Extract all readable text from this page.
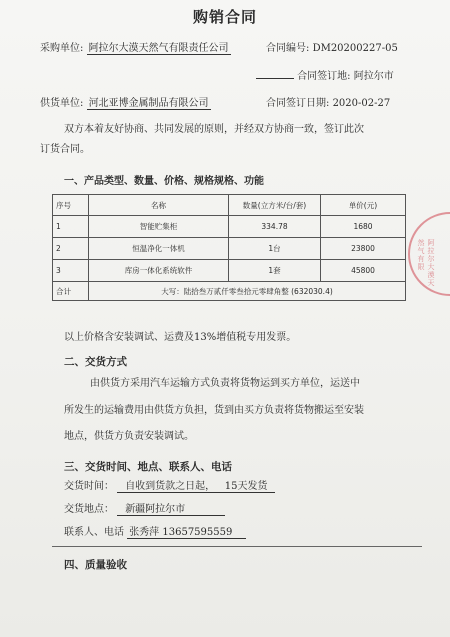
购销合同
采购单位: 阿拉尔大漠天然气有限责任公司	合同编号: DM20200227-05
合同签订地: 阿拉尔市
供货单位: 河北亚博金属制品有限公司	合同签订日期: 2020-02-27
双方本着友好协商、共同发展的原则，并经双方协商一致，签订此次
订货合同。
一、产品类型、数量、价格、规格规格、功能
序号	名称	数量(立方米/台/套)	单价(元)
1	智能贮集柜	334.78	1680
2	恒温净化一体机	1台	23800
3	库房一体化系统软件	1套	45800
合计	大写：陆拾叁万贰仟零叁拾元零肆角整 (632030.4)		
以上价格含安装调试、运费及13%增值税专用发票。
二、交货方式
由供货方采用汽车运输方式负责将货物运到买方单位，运送中
所发生的运输费用由供货方负担，货到由买方负责将货物搬运至安装
地点，供货方负责安装调试。
三、交货时间、地点、联系人、电话
交货时间： 自收到货款之日起， 15天发货
交货地点： 新疆阿拉尔市
联系人、电话 张秀萍 13657595559
四、质量验收
阿拉尔大漠天然气有限
